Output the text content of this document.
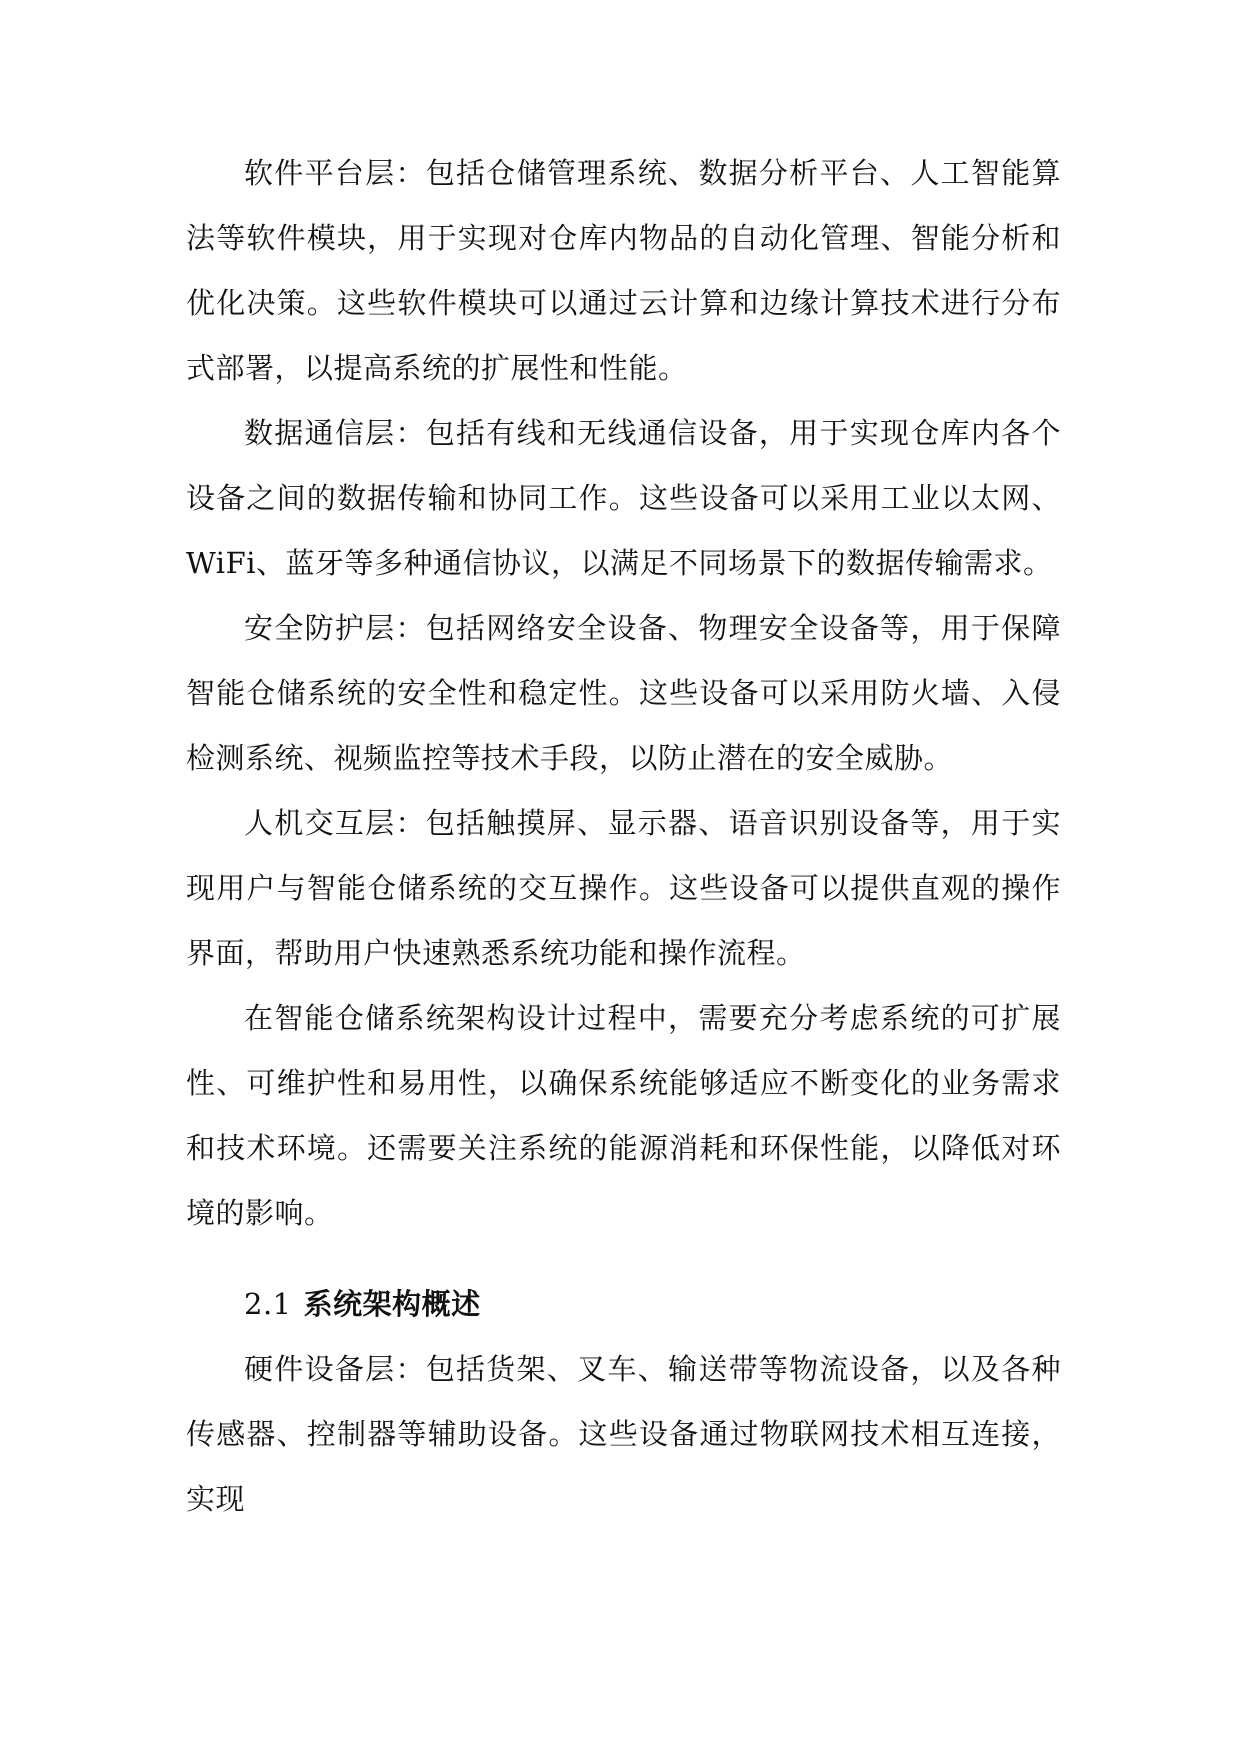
软件平台层：包括仓储管理系统、数据分析平台、人工智能算法等软件模块，用于实现对仓库内物品的自动化管理、智能分析和优化决策。这些软件模块可以通过云计算和边缘计算技术进行分布式部署，以提高系统的扩展性和性能。

数据通信层：包括有线和无线通信设备，用于实现仓库内各个设备之间的数据传输和协同工作。这些设备可以采用工业以太网、WiFi、蓝牙等多种通信协议，以满足不同场景下的数据传输需求。

安全防护层：包括网络安全设备、物理安全设备等，用于保障智能仓储系统的安全性和稳定性。这些设备可以采用防火墙、入侵检测系统、视频监控等技术手段，以防止潜在的安全威胁。

人机交互层：包括触摸屏、显示器、语音识别设备等，用于实现用户与智能仓储系统的交互操作。这些设备可以提供直观的操作界面，帮助用户快速熟悉系统功能和操作流程。

在智能仓储系统架构设计过程中，需要充分考虑系统的可扩展性、可维护性和易用性，以确保系统能够适应不断变化的业务需求和技术环境。还需要关注系统的能源消耗和环保性能，以降低对环境的影响。

2.1 系统架构概述

硬件设备层：包括货架、叉车、输送带等物流设备，以及各种传感器、控制器等辅助设备。这些设备通过物联网技术相互连接，实现
